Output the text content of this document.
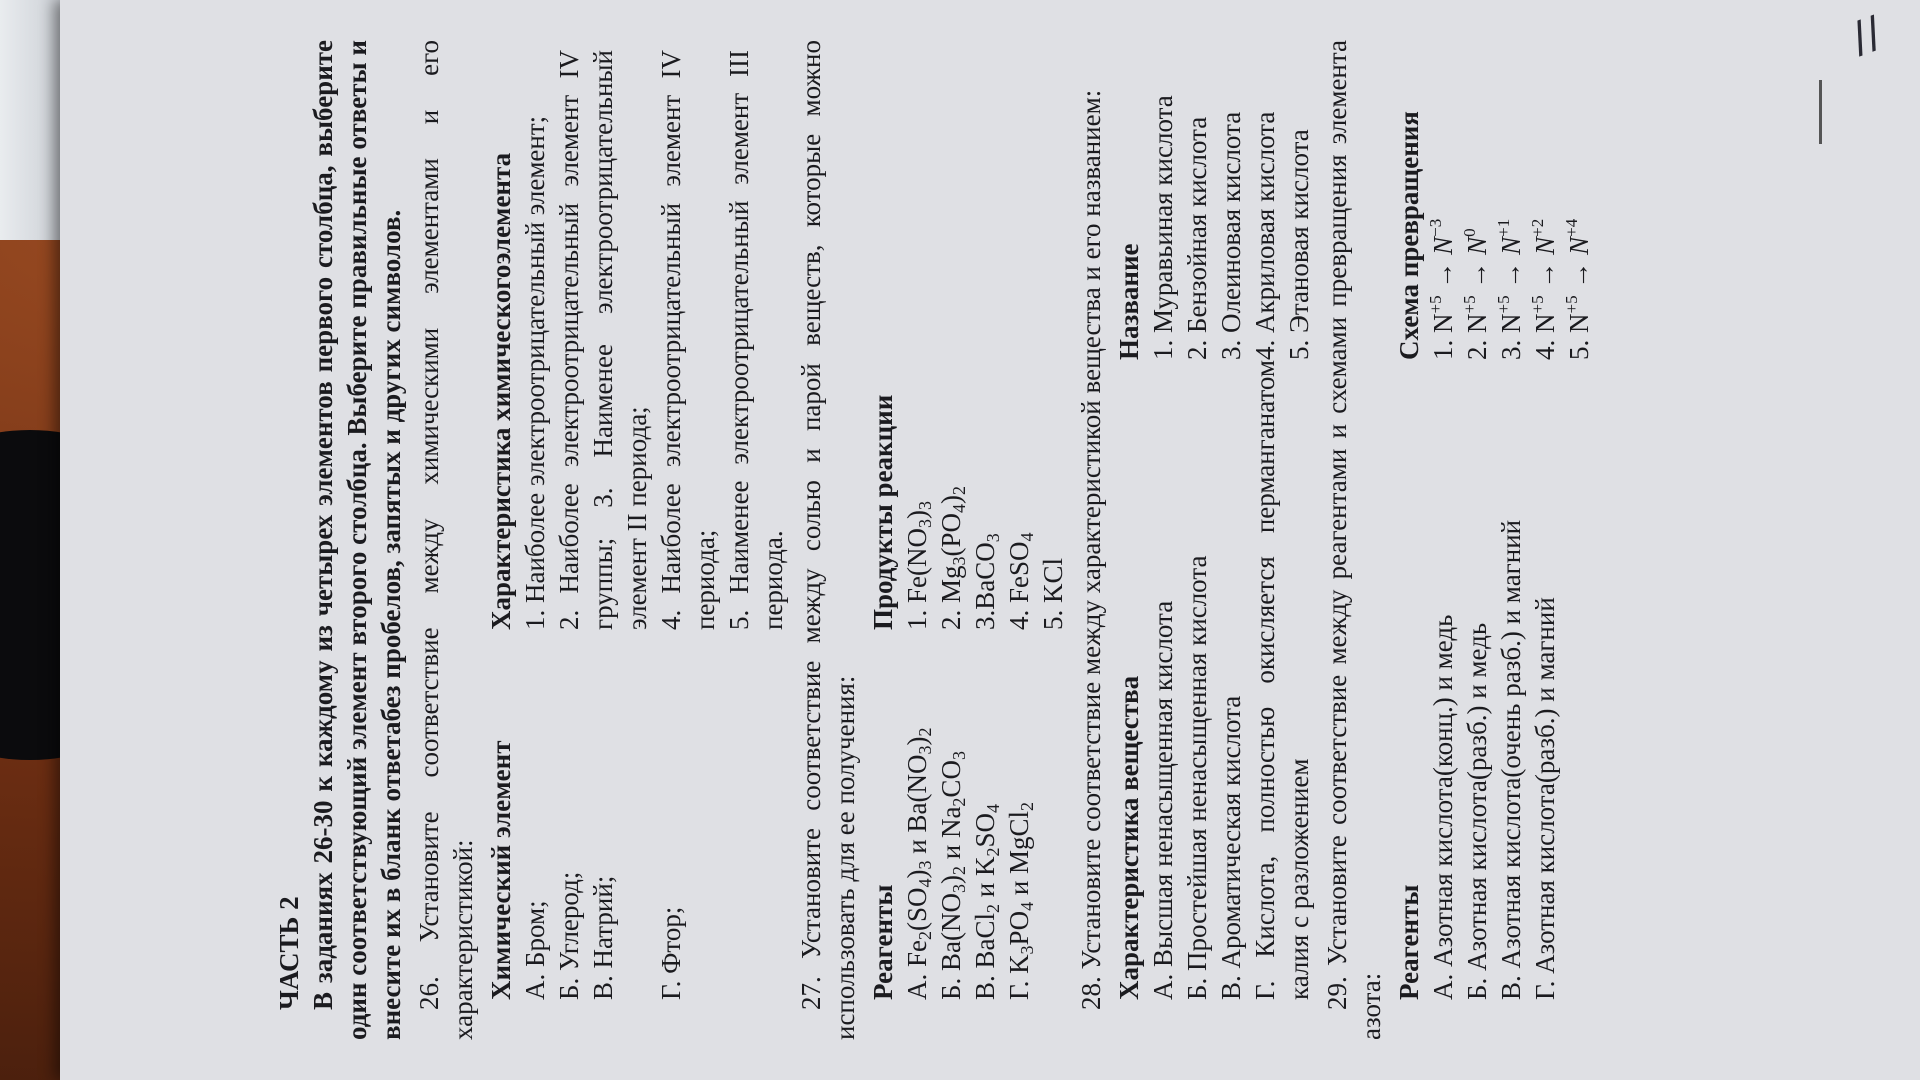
//

ЧАСТЬ 2 В заданиях 26-30 к каждому из четырех элементов первого столбца, выберите один соответствующий элемент второго столбца. Выберите правильные ответы и внесите их в бланк ответабез пробелов, запятых и других символов. 26. Установите соответствие между химическими элементами и его характеристикой: Химический элемент А. Бром; Б. Углерод; В. Натрий; Г. Фтор;

Характеристика химическогоэлемента 1. Наиболее электроотрицательный элемент; 2. Наиболее электроотрицательный элемент IV группы; 3. Наименее электроотрицательный элемент II периода; 4. Наиболее электроотрицательный элемент IV периода; 5. Наименее электроотрицательный элемент III периода. 27. Установите соответствие между солью и парой веществ, которые можно использовать для ее получения: Реагенты А. $Fe_2(SO_4)_3$ и $Ba(NO_3)_2$

Б. $Ba(NO_3)_2$ и $Na_2CO_3$

В. BaCl$_2$ и $K_2SO_4$

Г. $K_3PO_4$ и MgCl$_2$

Продукты реакции 1. $Fe(NO_3)_3$

2. $Mg_3(PO_4)_2$

3.BaCO$_3$

4. FeSO$_4$

5. KCl 28. Установите соответствие между характеристикой вещества и его названием: Характеристика вещества А. Высшая ненасыщенная кислота Б. Простейшая ненасыщенная кислота В. Ароматическая кислота Г. Кислота, полностью окисляется перманганатом калия с разложением

Название 1. Муравьиная кислота 2. Бензойная кислота 3. Олеиновая кислота 4. Акриловая кислота 5. Этановая кислота 29. Установите соответствие между реагентами и схемами превращения элемента азота:

Реагенты А. Азотная кислота(конц.) и медь Б. Азотная кислота(разб.) и медь В. Азотная кислота(очень разб.) и магний Г. Азотная кислота(разб.) и магний

Схема превращения 1. $N^{+5} \to N^{-3}$

2. $N^{+5} \to N^0$

3. $N^{+5} \to N^{+1}$

4. $N^{+5} \to N^{+2}$

5. $N^{+5} \to N^{+4}$
